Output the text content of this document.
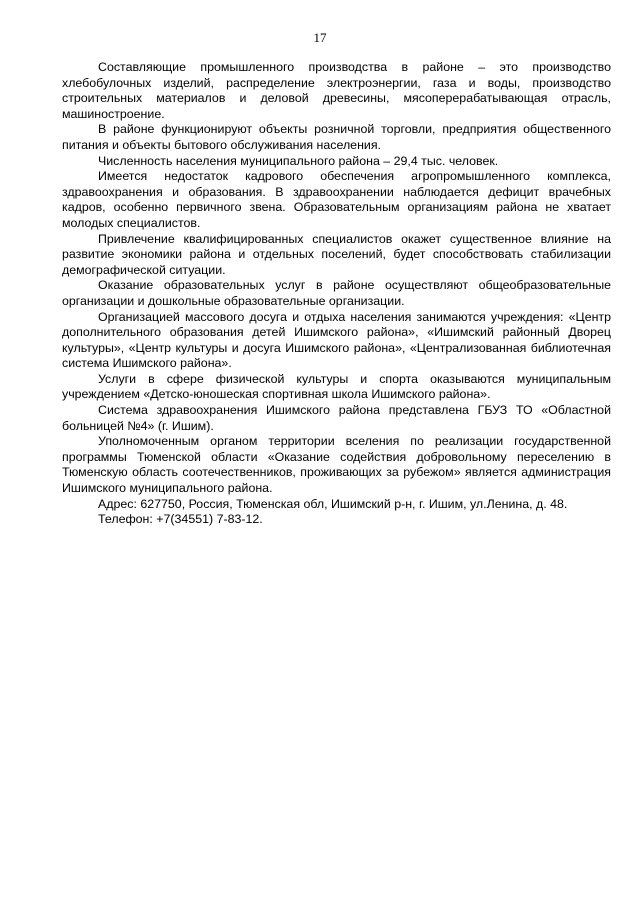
17

Составляющие промышленного производства в районе – это производство хлебобулочных изделий, распределение электроэнергии, газа и воды, производство строительных материалов и деловой древесины, мясоперерабатывающая отрасль, машиностроение.

В районе функционируют объекты розничной торговли, предприятия общественного питания и объекты бытового обслуживания населения.

Численность населения муниципального района – 29,4 тыс. человек.

Имеется недостаток кадрового обеспечения агропромышленного комплекса, здравоохранения и образования. В здравоохранении наблюдается дефицит врачебных кадров, особенно первичного звена. Образовательным организациям района не хватает молодых специалистов.

Привлечение квалифицированных специалистов окажет существенное влияние на развитие экономики района и отдельных поселений, будет способствовать стабилизации демографической ситуации.

Оказание образовательных услуг в районе осуществляют общеобразовательные организации и дошкольные образовательные организации.

Организацией массового досуга и отдыха населения занимаются учреждения: «Центр дополнительного образования детей Ишимского района», «Ишимский районный Дворец культуры», «Центр культуры и досуга Ишимского района», «Централизованная библиотечная система Ишимского района».

Услуги в сфере физической культуры и спорта оказываются муниципальным учреждением «Детско-юношеская спортивная школа Ишимского района».

Система здравоохранения Ишимского района представлена ГБУЗ ТО «Областной больницей №4» (г. Ишим).

Уполномоченным органом территории вселения по реализации государственной программы Тюменской области «Оказание содействия добровольному переселению в Тюменскую область соотечественников, проживающих за рубежом» является администрация Ишимского муниципального района.

Адрес: 627750, Россия, Тюменская обл, Ишимский р-н, г. Ишим, ул.Ленина, д. 48.

Телефон: +7(34551) 7-83-12.
